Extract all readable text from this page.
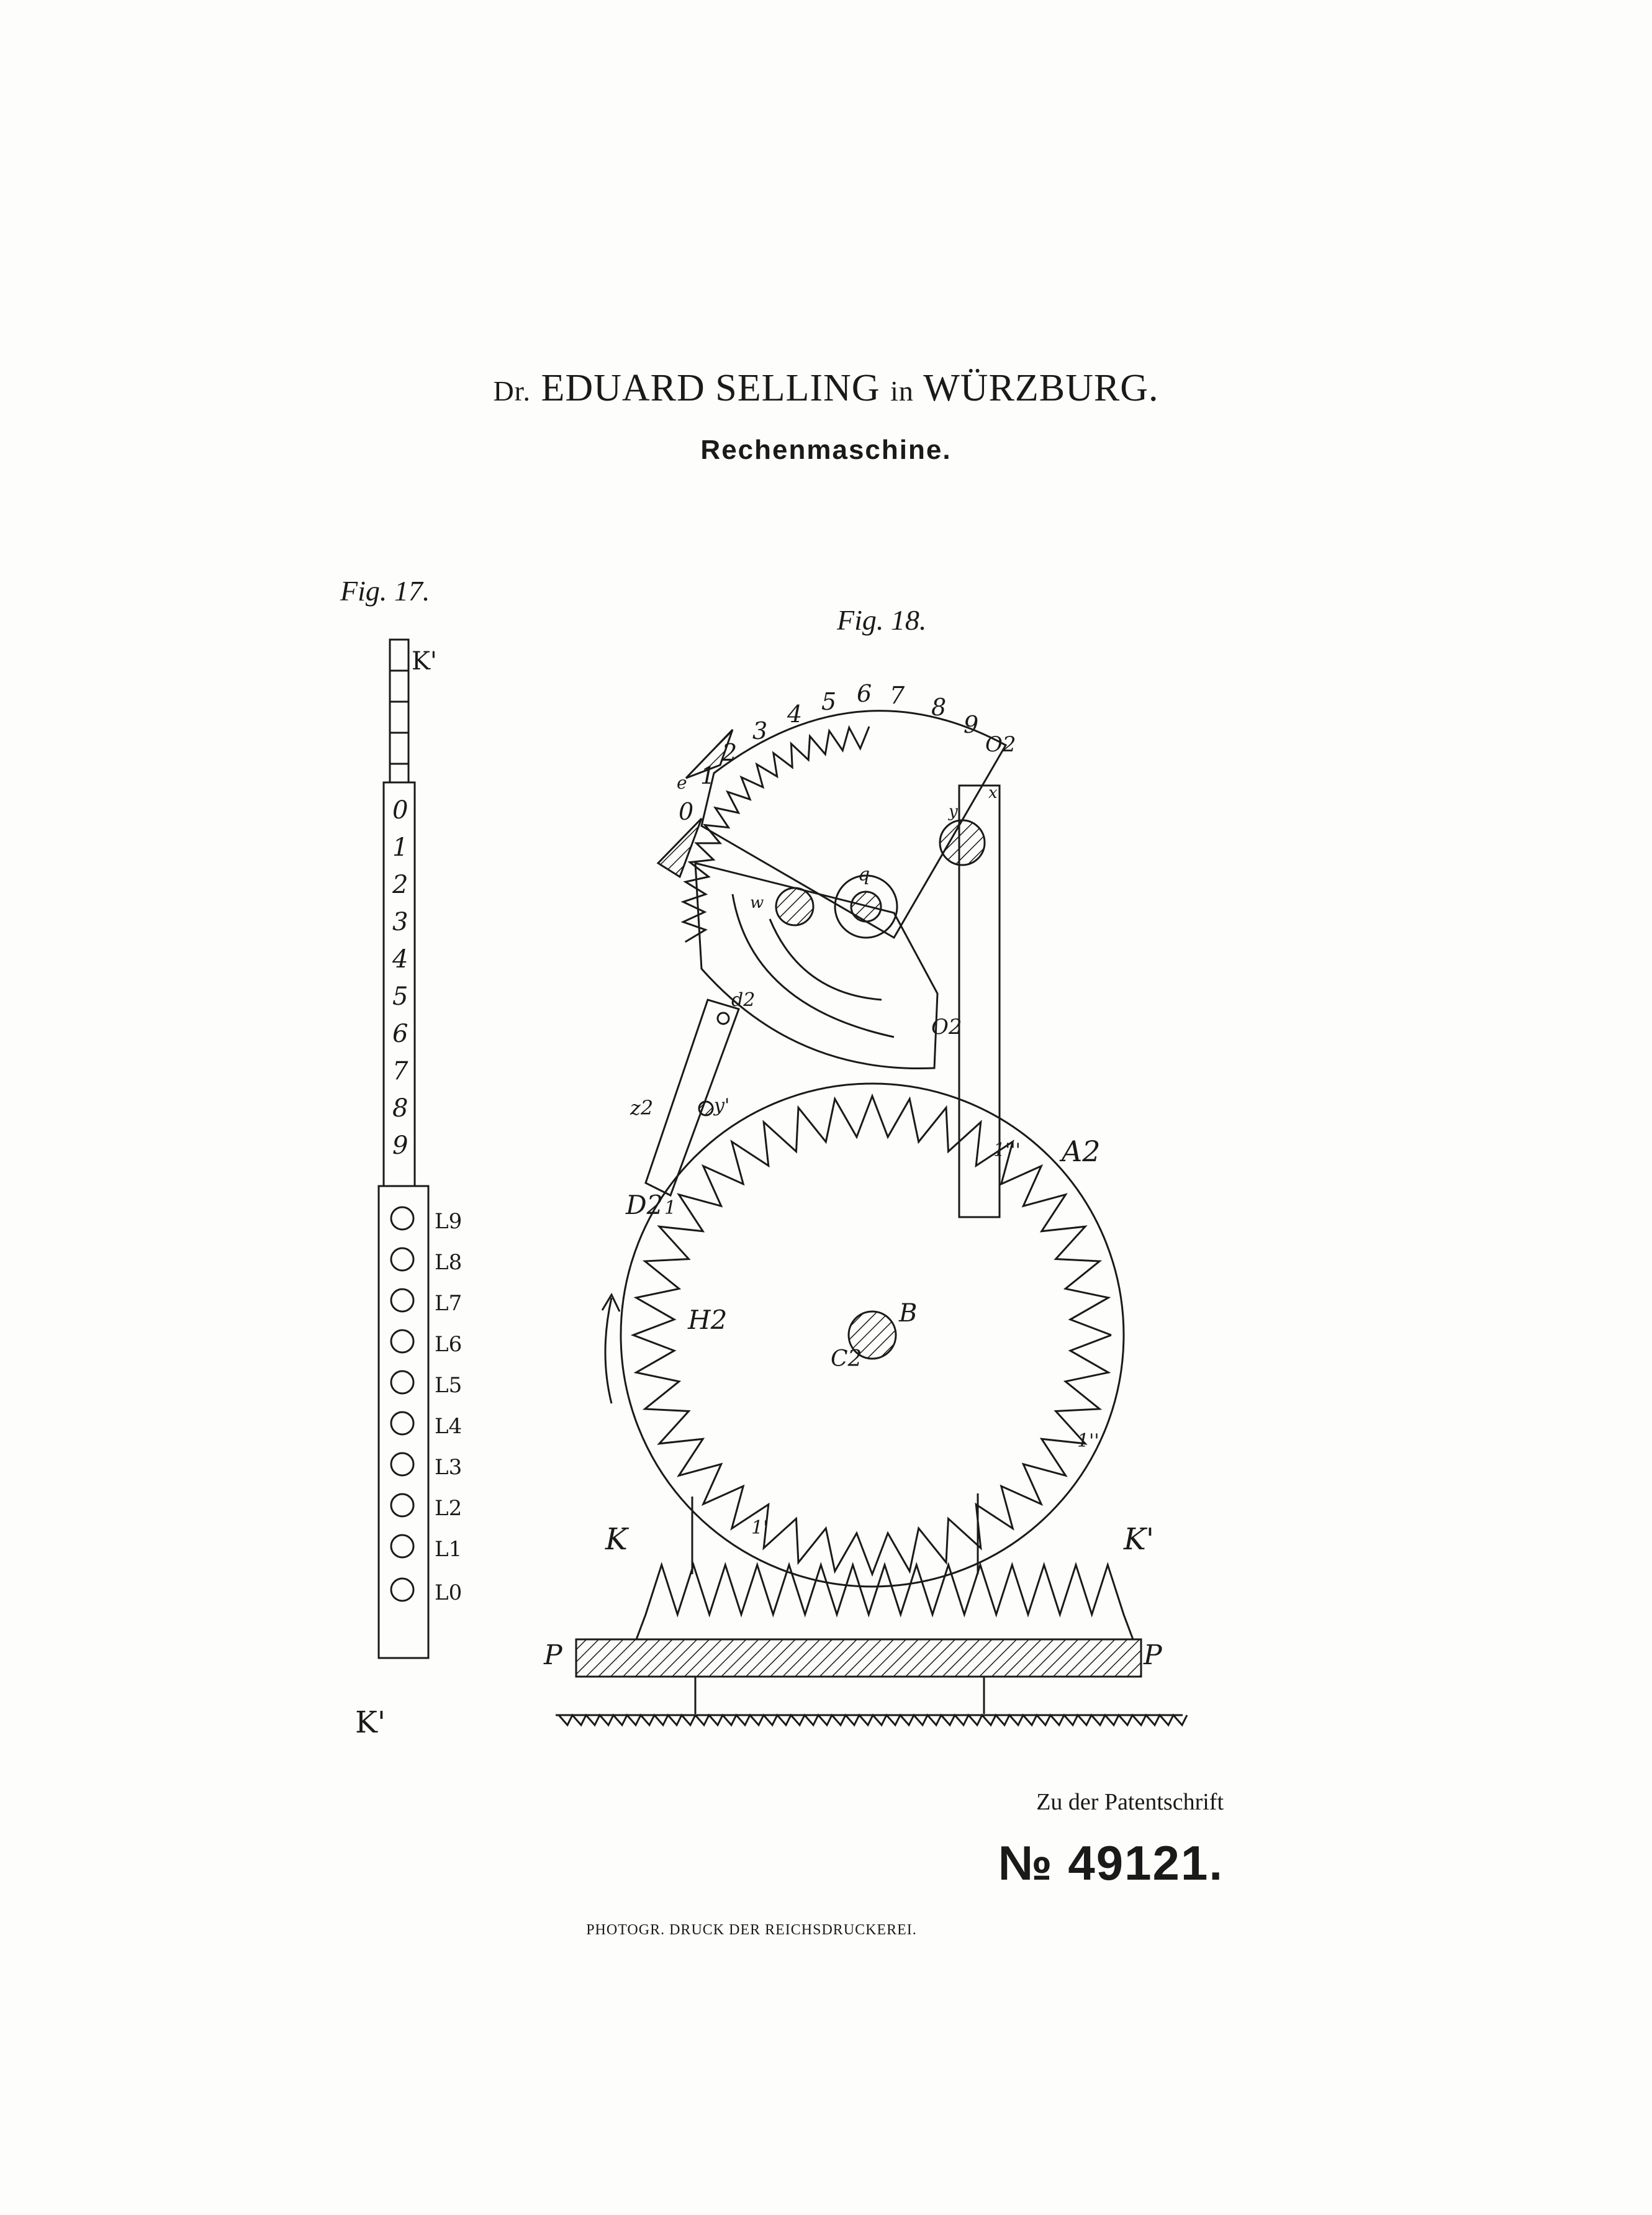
Dr. EDUARD SELLING in WÜRZBURG.
Rechenmaschine.
Fig. 17.
Fig. 18.
K'
0
1
2
3
4
5
6
7
8
9
L9
L8
L7
L6
L5
L4
L3
L2
L1
L0
K'
0
1
2
3
4 5 6 7 8
9
O2
y
x
q
w
e
d2
O2
z2	y'
A2
D2
H2	B
C2
K	K'
P	P
1'''
1''
1'
1
Zu der Patentschrift
№ 49121.
PHOTOGR. DRUCK DER REICHSDRUCKEREI.
